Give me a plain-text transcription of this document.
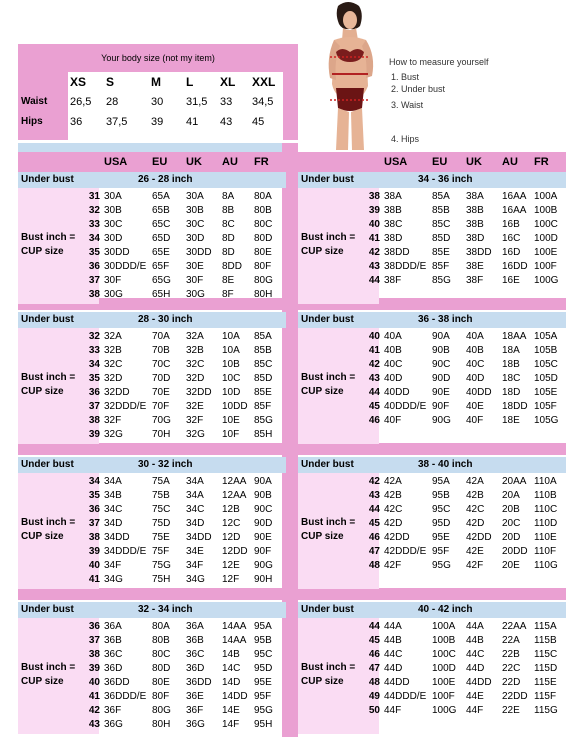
Your body size (not my item)
XS S	M L XL XXL
Waist 26,5 28	30 31,5 33 34,5
Hips 36 37,5 39 41 43 45
How to measure yourself
1. Bust
2. Under bust
3. Waist
4. Hips
USA EU UK AU FR	USA EU UK AU FR
Under bust	26 - 28 inch
31 30A	65A 30A 8A 80A
32 30B	65B 30B 8B 80B
33 30C	65C 30C 8C 80C
34 30D	65D 30D 8D 80D
35 30DD 65E 30DD 8D 80E
36 30DDD/E 65F 30E 8DD 80F
37 30F	65G 30F 8E 80G
38 30G	65H 30G 8F 80H
Bust inch =
CUP size
Under bust	34 - 36 inch
38 38A	85A 38A 16AA 100A
39 38B	85B 38B 16AA 100B
40 38C	85C 38B 16B 100C
41 38D	85D 38D 16C 100D
42 38DD 85E 38DD 16D 100E
43 38DDD/E 85F 38E 16DD 100F
44 38F	85G 38F 16E 100G
Bust inch =
CUP size
Under bust	28 - 30 inch
32 32A	70A 32A 10A 85A
33 32B	70B 32B 10A 85B
34 32C	70C 32C 10B 85C
35 32D	70D 32D 10C 85D
36 32DD 70E 32DD 10D 85E
37 32DDD/E 70F 32E 10DD 85F
38 32F	70G 32F 10E 85G
39 32G	70H 32G 10F 85H
Bust inch =
CUP size
Under bust	36 - 38 inch
40 40A	90A 40A 18AA 105A
41 40B	90B 40B 18A 105B
42 40C	90C 40C 18B 105C
43 40D	90D 40D 18C 105D
44 40DD 90E 40DD 18D 105E
45 40DDD/E 90F 40E 18DD 105F
46 40F	90G 40F 18E 105G
Bust inch =
CUP size
Under bust	30 - 32 inch
34 34A	75A 34A 12AA 90A
35 34B	75B 34A 12AA 90B
36 34C	75C 34C 12B 90C
37 34D	75D 34D 12C 90D
38 34DD 75E 34DD 12D 90E
39 34DDD/E 75F 34E 12DD 90F
40 34F	75G 34F 12E 90G
41 34G	75H 34G 12F 90H
Bust inch =
CUP size
Under bust	38 - 40 inch
42 42A	95A 42A 20AA 110A
43 42B	95B 42B 20A 110B
44 42C	95C 42C 20B 110C
45 42D	95D 42D 20C 110D
46 42DD 95E 42DD 20D 110E
47 42DDD/E 95F 42E 20DD 110F
48 42F	95G 42F 20E 110G
Bust inch =
CUP size
Under bust	32 - 34 inch
36 36A	80A 36A 14AA 95A
37 36B	80B 36B 14AA 95B
38 36C	80C 36C 14B 95C
39 36D	80D 36D 14C 95D
40 36DD 80E 36DD 14D 95E
41 36DDD/E 80F 36E 14DD 95F
42 36F	80G 36F 14E 95G
43 36G	80H 36G 14F 95H
Bust inch =
CUP size
Under bust	40 - 42 inch
44 44A	100A 44A 22AA 115A
45 44B	100B 44B 22A 115B
46 44C	100C 44C 22B 115C
47 44D	100D 44D 22C 115D
48 44DD 100E 44DD 22D 115E
49 44DDD/E 100F 44E 22DD 115F
50 44F	100G 44F 22E 115G
Bust inch =
CUP size
